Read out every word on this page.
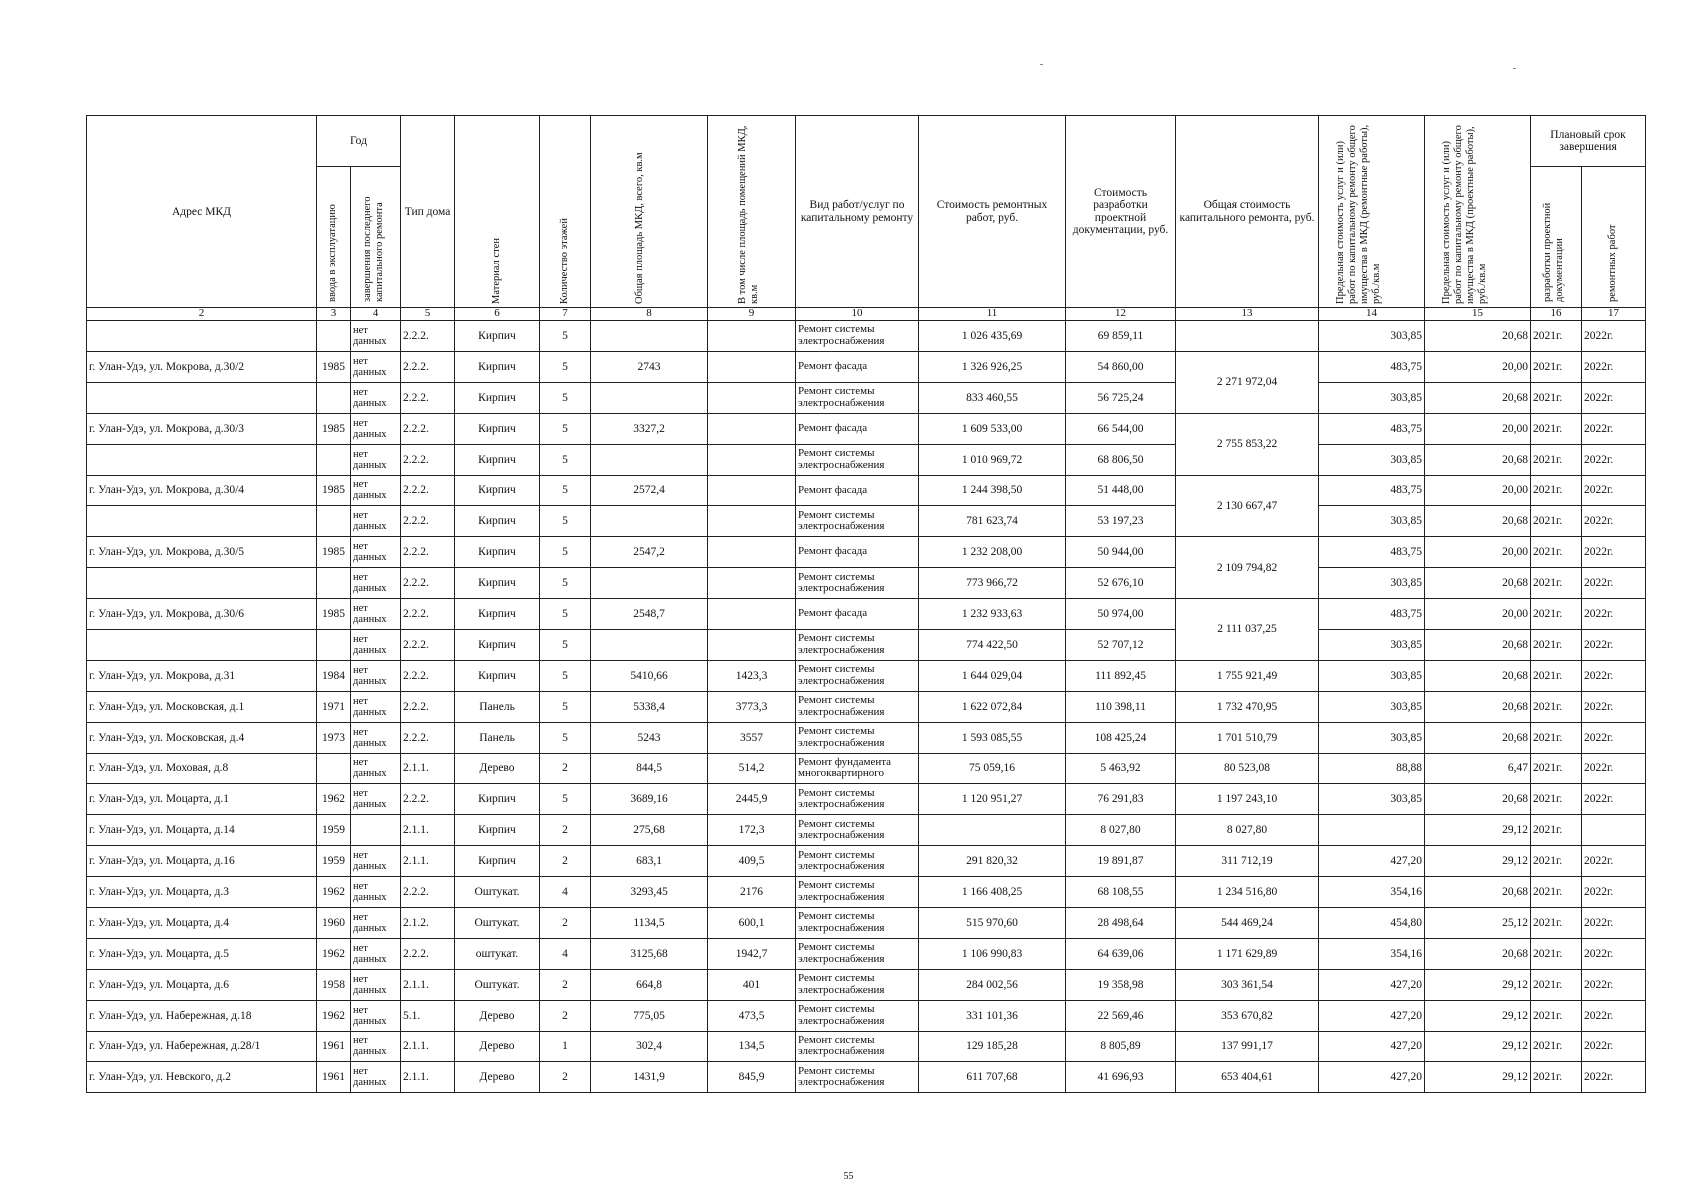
Адрес МКД	Год		Тип дома	Материал стен	Количество этажей	Общая площадь МКД, всего, кв.м	В том числе площадь помещений МКД, кв.м	Вид работ/услуг по капитальному ремонту	Стоимость ремонтных работ, руб.	Стоимость разработки проектной документации, руб.	Общая стоимость капитального ремонта, руб.	Предельная стоимость услуг и (или) работ по капитальному ремонту общего имущества в МКД (ремонтные работы), руб./кв.м	Предельная стоимость услуг и (или) работ по капитальному ремонту общего имущества в МКД (проектные работы), руб./кв.м	Плановый срок завершения	
	ввода в эксплуатацию	завершения последнего капитального ремонта												разработки проектной документации	ремонтных работ
2	3	4	5	6	7	8	9	10	11	12	13	14	15	16	17
		нет данных	2.2.2.	Кирпич	5			Ремонт системы электроснабжения	1 026 435,69	69 859,11		303,85	20,68	2021г.	2022г.
г. Улан-Удэ, ул. Мокрова, д.30/2	1985	нет данных	2.2.2.	Кирпич	5	2743		Ремонт фасада	1 326 926,25	54 860,00	2 271 972,04	483,75	20,00	2021г.	2022г.
		нет данных	2.2.2.	Кирпич	5			Ремонт системы электроснабжения	833 460,55	56 725,24		303,85	20,68	2021г.	2022г.
г. Улан-Удэ, ул. Мокрова, д.30/3	1985	нет данных	2.2.2.	Кирпич	5	3327,2		Ремонт фасада	1 609 533,00	66 544,00	2 755 853,22	483,75	20,00	2021г.	2022г.
		нет данных	2.2.2.	Кирпич	5			Ремонт системы электроснабжения	1 010 969,72	68 806,50		303,85	20,68	2021г.	2022г.
г. Улан-Удэ, ул. Мокрова, д.30/4	1985	нет данных	2.2.2.	Кирпич	5	2572,4		Ремонт фасада	1 244 398,50	51 448,00	2 130 667,47	483,75	20,00	2021г.	2022г.
		нет данных	2.2.2.	Кирпич	5			Ремонт системы электроснабжения	781 623,74	53 197,23		303,85	20,68	2021г.	2022г.
г. Улан-Удэ, ул. Мокрова, д.30/5	1985	нет данных	2.2.2.	Кирпич	5	2547,2		Ремонт фасада	1 232 208,00	50 944,00	2 109 794,82	483,75	20,00	2021г.	2022г.
		нет данных	2.2.2.	Кирпич	5			Ремонт системы электроснабжения	773 966,72	52 676,10		303,85	20,68	2021г.	2022г.
г. Улан-Удэ, ул. Мокрова, д.30/6	1985	нет данных	2.2.2.	Кирпич	5	2548,7		Ремонт фасада	1 232 933,63	50 974,00	2 111 037,25	483,75	20,00	2021г.	2022г.
		нет данных	2.2.2.	Кирпич	5			Ремонт системы электроснабжения	774 422,50	52 707,12		303,85	20,68	2021г.	2022г.
г. Улан-Удэ, ул. Мокрова, д.31	1984	нет данных	2.2.2.	Кирпич	5	5410,66	1423,3	Ремонт системы электроснабжения	1 644 029,04	111 892,45	1 755 921,49	303,85	20,68	2021г.	2022г.
г. Улан-Удэ, ул. Московская, д.1	1971	нет данных	2.2.2.	Панель	5	5338,4	3773,3	Ремонт системы электроснабжения	1 622 072,84	110 398,11	1 732 470,95	303,85	20,68	2021г.	2022г.
г. Улан-Удэ, ул. Московская, д.4	1973	нет данных	2.2.2.	Панель	5	5243	3557	Ремонт системы электроснабжения	1 593 085,55	108 425,24	1 701 510,79	303,85	20,68	2021г.	2022г.
г. Улан-Удэ, ул. Моховая, д.8		нет данных	2.1.1.	Дерево	2	844,5	514,2	Ремонт фундамента многоквартирного	75 059,16	5 463,92	80 523,08	88,88	6,47	2021г.	2022г.
г. Улан-Удэ, ул. Моцарта, д.1	1962	нет данных	2.2.2.	Кирпич	5	3689,16	2445,9	Ремонт системы электроснабжения	1 120 951,27	76 291,83	1 197 243,10	303,85	20,68	2021г.	2022г.
г. Улан-Удэ, ул. Моцарта, д.14	1959		2.1.1.	Кирпич	2	275,68	172,3	Ремонт системы электроснабжения		8 027,80	8 027,80		29,12	2021г.	
г. Улан-Удэ, ул. Моцарта, д.16	1959	нет данных	2.1.1.	Кирпич	2	683,1	409,5	Ремонт системы электроснабжения	291 820,32	19 891,87	311 712,19	427,20	29,12	2021г.	2022г.
г. Улан-Удэ, ул. Моцарта, д.3	1962	нет данных	2.2.2.	Оштукат.	4	3293,45	2176	Ремонт системы электроснабжения	1 166 408,25	68 108,55	1 234 516,80	354,16	20,68	2021г.	2022г.
г. Улан-Удэ, ул. Моцарта, д.4	1960	нет данных	2.1.2.	Оштукат.	2	1134,5	600,1	Ремонт системы электроснабжения	515 970,60	28 498,64	544 469,24	454,80	25,12	2021г.	2022г.
г. Улан-Удэ, ул. Моцарта, д.5	1962	нет данных	2.2.2.	оштукат.	4	3125,68	1942,7	Ремонт системы электроснабжения	1 106 990,83	64 639,06	1 171 629,89	354,16	20,68	2021г.	2022г.
г. Улан-Удэ, ул. Моцарта, д.6	1958	нет данных	2.1.1.	Оштукат.	2	664,8	401	Ремонт системы электроснабжения	284 002,56	19 358,98	303 361,54	427,20	29,12	2021г.	2022г.
г. Улан-Удэ, ул. Набережная, д.18	1962	нет данных	5.1.	Дерево	2	775,05	473,5	Ремонт системы электроснабжения	331 101,36	22 569,46	353 670,82	427,20	29,12	2021г.	2022г.
г. Улан-Удэ, ул. Набережная, д.28/1	1961	нет данных	2.1.1.	Дерево	1	302,4	134,5	Ремонт системы электроснабжения	129 185,28	8 805,89	137 991,17	427,20	29,12	2021г.	2022г.
г. Улан-Удэ, ул. Невского, д.2	1961	нет данных	2.1.1.	Дерево	2	1431,9	845,9	Ремонт системы электроснабжения	611 707,68	41 696,93	653 404,61	427,20	29,12	2021г.	2022г.
55
